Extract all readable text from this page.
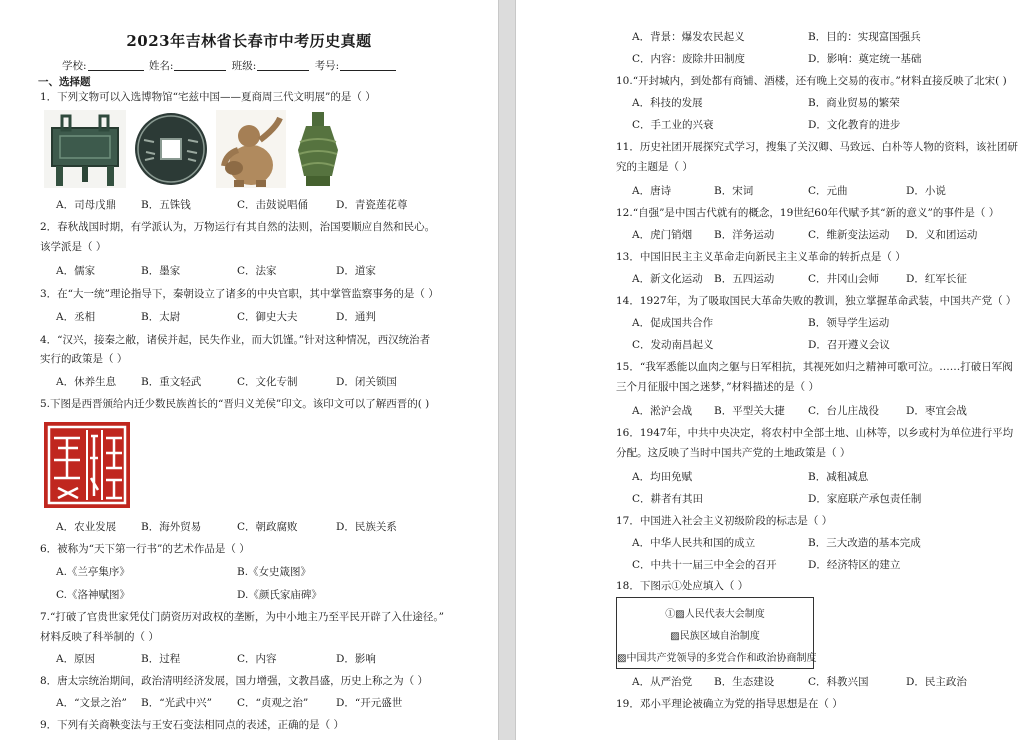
2023年吉林省长春市中考历史真题
学校:	姓名:	班级:	考号:
一、选择题
1．下列文物可以入选博物馆“宅兹中国——夏商周三代文明展”的是（ ）
A．司母戊鼎 B．五铢钱	C．击鼓说唱俑	D．青瓷莲花尊
2．春秋战国时期，有学派认为，万物运行有其自然的法则，治国要顺应自然和民心。
该学派是（ ）
A．儒家	B．墨家	C．法家	D．道家
3．在“大一统”理论指导下，秦朝设立了诸多的中央官职，其中掌管监察事务的是（ ）
A．丞相	B．太尉	C．御史大夫	D．通判
4．“汉兴，接秦之敝，诸侯并起，民失作业，而大饥馑。”针对这种情况，西汉统治者
实行的政策是（ ）
A．休养生息 B．重文轻武	C．文化专制	D．闭关锁国
5.下图是西晋颁给内迁少数民族酋长的“晋归义羌侯”印文。该印文可以了解西晋的( )
A．农业发展 B．海外贸易	C．朝政腐败	D．民族关系
6．被称为“天下第一行书”的艺术作品是（ ）
A.《兰亭集序》	B.《女史箴图》
C.《洛神赋图》	D.《颜氏家庙碑》
7.“打破了官贵世家凭仗门荫资历对政权的垄断，为中小地主乃至平民开辟了入仕途径。”
材料反映了科举制的（ ）
A．原因	B．过程	C．内容	D．影响
8．唐太宗统治期间，政治清明经济发展，国力增强，文教昌盛，历史上称之为（ ）
A．“文景之治” B．“光武中兴” C．“贞观之治”	D．“开元盛世
9．下列有关商鞅变法与王安石变法相同点的表述，正确的是（ ）
A．背景：爆发农民起义	B．目的：实现富国强兵
C．内容：废除井田制度	D．影响：奠定统一基础
10.“开封城内，到处都有商铺、酒楼，还有晚上交易的夜市。”材料直接反映了北宋( )
A．科技的发展	B．商业贸易的繁荣
C．手工业的兴衰	D．文化教育的进步
11．历史社团开展探究式学习，搜集了关汉卿、马致远、白朴等人物的资料，该社团研
究的主题是（ ）
A．唐诗	B．宋词	C．元曲	D．小说
12.“自强”是中国古代就有的概念，19世纪60年代赋予其“新的意义”的事件是（ ）
A．虎门销烟 B．洋务运动	C．维新变法运动 D．义和团运动
13．中国旧民主主义革命走向新民主主义革命的转折点是（ ）
A．新文化运动 B．五四运动	C．井冈山会师	D．红军长征
14．1927年，为了吸取国民大革命失败的教训，独立掌握革命武装，中国共产党（ ）
A．促成国共合作	B．领导学生运动
C．发动南昌起义	D．召开遵义会议
15．“我军悉能以血肉之躯与日军相抗，其视死如归之精神可歌可泣。……打破日军阀
三个月征服中国之迷梦，”材料描述的是（ ）
A．淞沪会战 B．平型关大捷 C．台儿庄战役	D．枣宜会战
16．1947年，中共中央决定，将农村中全部土地、山林等，以乡或村为单位进行平均
分配。这反映了当时中国共产党的土地政策是（ ）
A．均田免赋	B．减租减息
C．耕者有其田	D．家庭联产承包责任制
17．中国进入社会主义初级阶段的标志是（ ）
A．中华人民共和国的成立	B．三大改造的基本完成
C．中共十一届三中全会的召开	D．经济特区的建立
18．下图示①处应填入（ ）
A．从严治党 B．生态建设	C．科教兴国	D．民主政治
19．邓小平理论被确立为党的指导思想是在（ ）
①▨人民代表大会制度
▨民族区域自治制度
▨中国共产党领导的多党合作和政治协商制度
